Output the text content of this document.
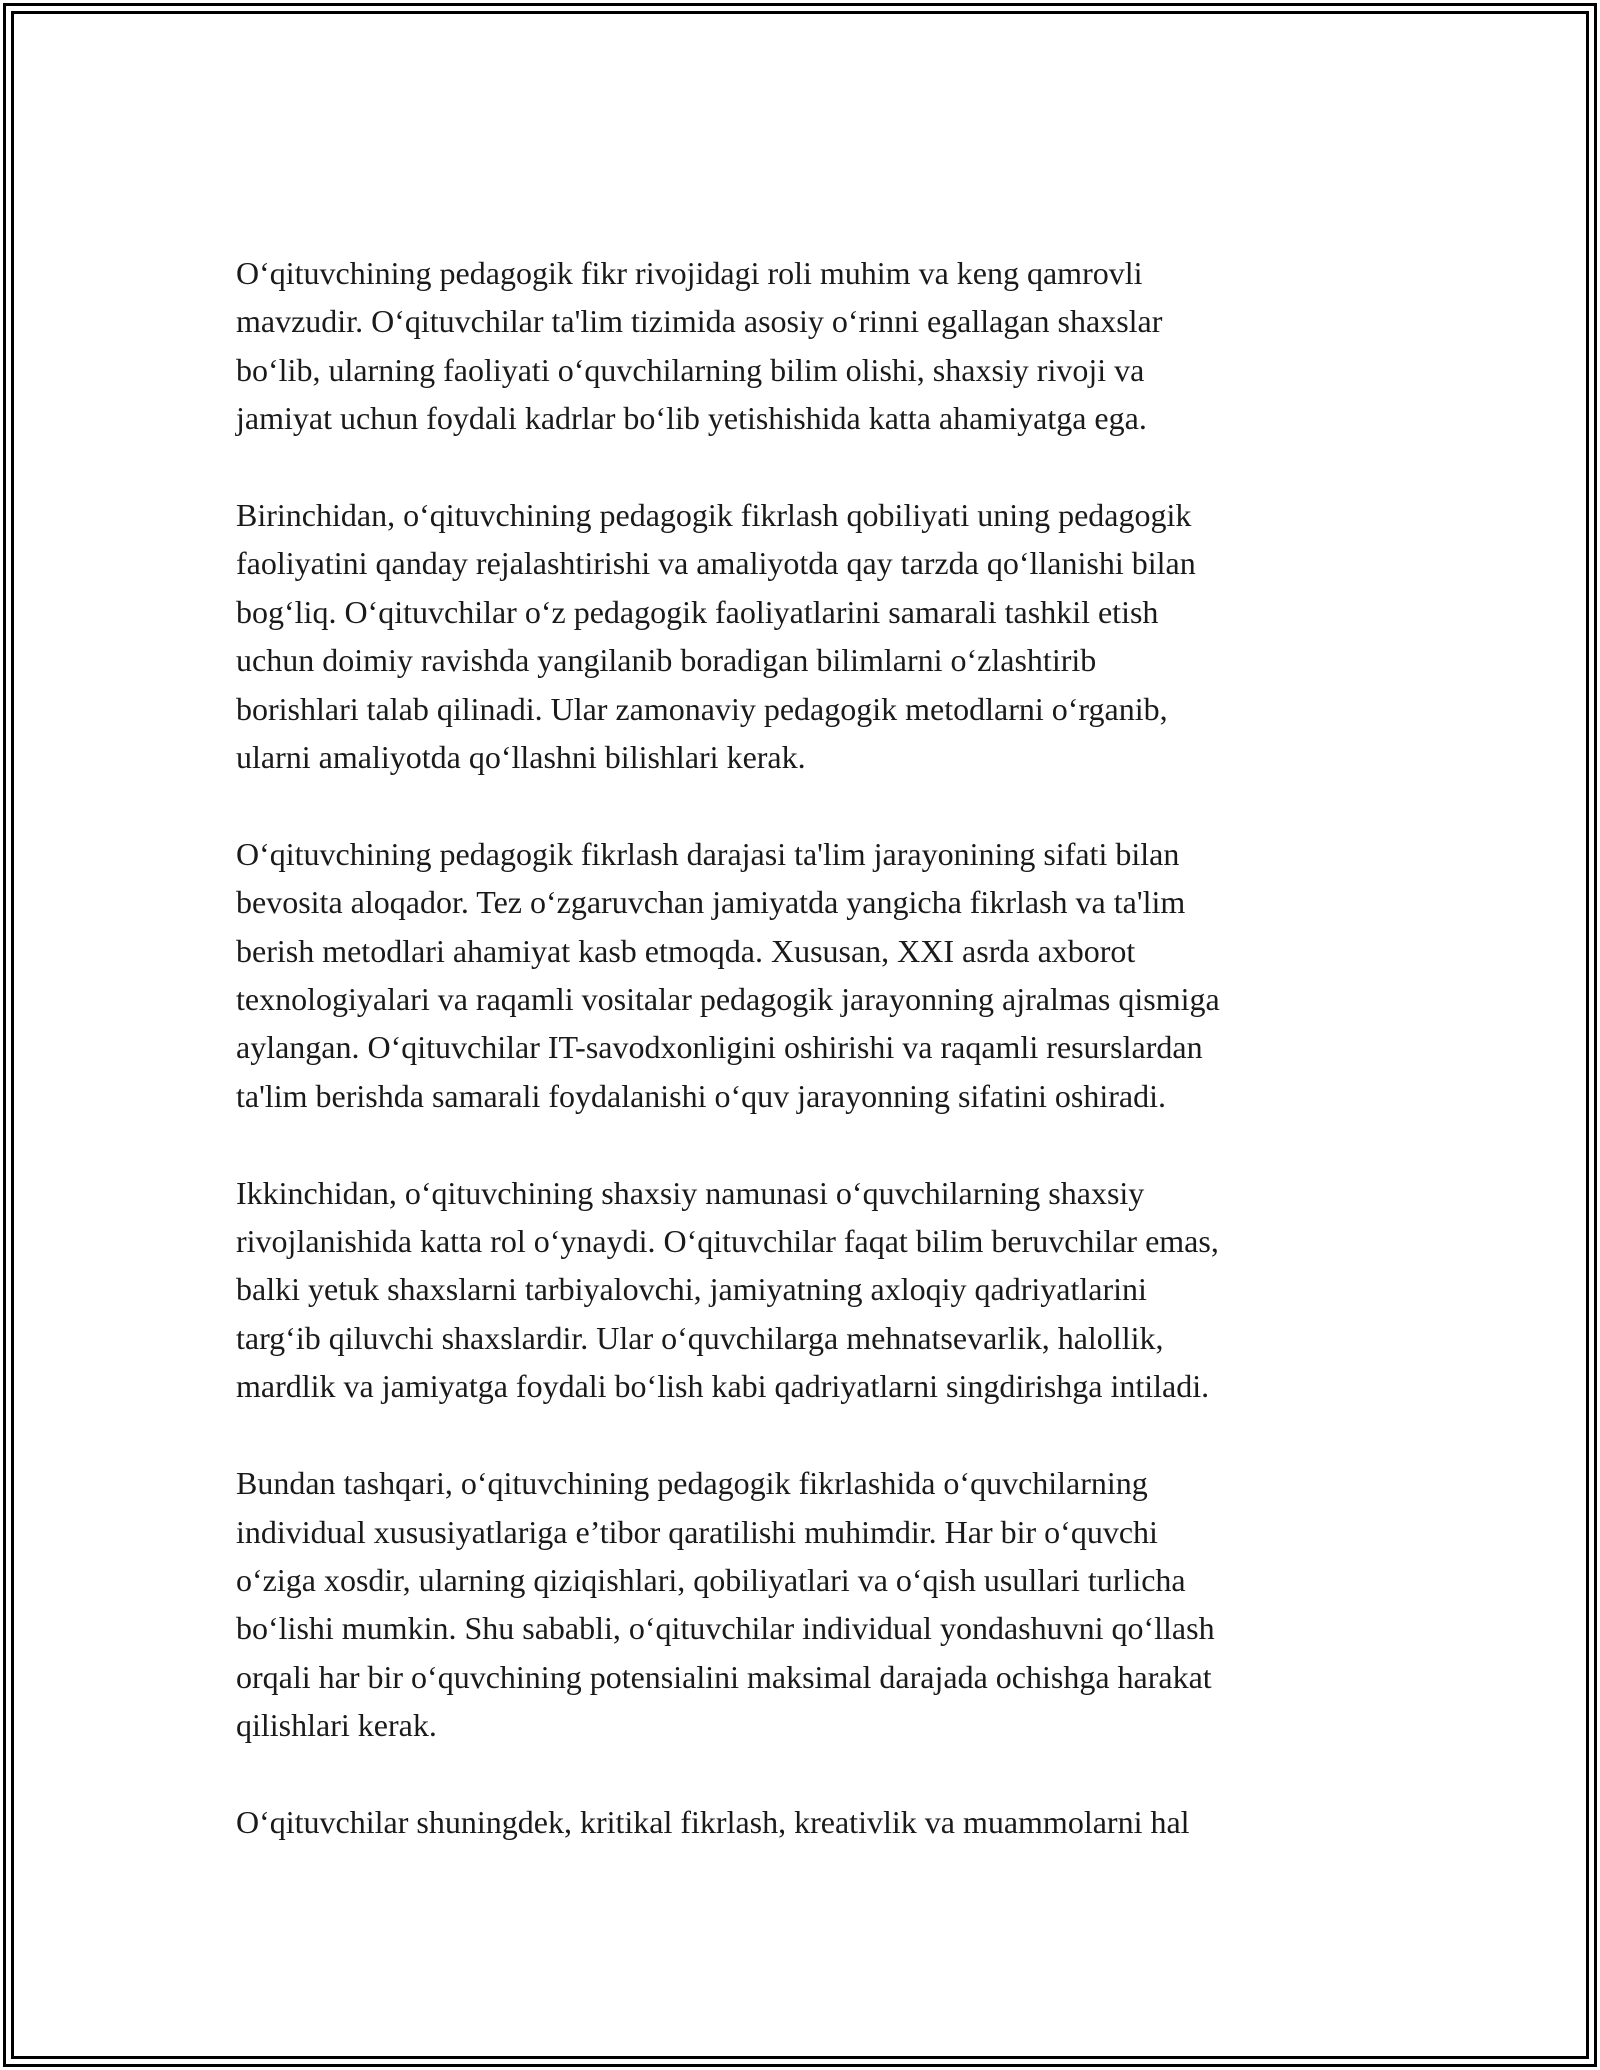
O‘qituvchining pedagogik fikr rivojidagi roli muhim va keng qamrovli
mavzudir. O‘qituvchilar ta'lim tizimida asosiy o‘rinni egallagan shaxslar
bo‘lib, ularning faoliyati o‘quvchilarning bilim olishi, shaxsiy rivoji va
jamiyat uchun foydali kadrlar bo‘lib yetishishida katta ahamiyatga ega.

Birinchidan, o‘qituvchining pedagogik fikrlash qobiliyati uning pedagogik
faoliyatini qanday rejalashtirishi va amaliyotda qay tarzda qo‘llanishi bilan
bog‘liq. O‘qituvchilar o‘z pedagogik faoliyatlarini samarali tashkil etish
uchun doimiy ravishda yangilanib boradigan bilimlarni o‘zlashtirib
borishlari talab qilinadi. Ular zamonaviy pedagogik metodlarni o‘rganib,
ularni amaliyotda qo‘llashni bilishlari kerak.

O‘qituvchining pedagogik fikrlash darajasi ta'lim jarayonining sifati bilan
bevosita aloqador. Tez o‘zgaruvchan jamiyatda yangicha fikrlash va ta'lim
berish metodlari ahamiyat kasb etmoqda. Xususan, XXI asrda axborot
texnologiyalari va raqamli vositalar pedagogik jarayonning ajralmas qismiga
aylangan. O‘qituvchilar IT-savodxonligini oshirishi va raqamli resurslardan
ta'lim berishda samarali foydalanishi o‘quv jarayonning sifatini oshiradi.

Ikkinchidan, o‘qituvchining shaxsiy namunasi o‘quvchilarning shaxsiy
rivojlanishida katta rol o‘ynaydi. O‘qituvchilar faqat bilim beruvchilar emas,
balki yetuk shaxslarni tarbiyalovchi, jamiyatning axloqiy qadriyatlarini
targ‘ib qiluvchi shaxslardir. Ular o‘quvchilarga mehnatsevarlik, halollik,
mardlik va jamiyatga foydali bo‘lish kabi qadriyatlarni singdirishga intiladi.

Bundan tashqari, o‘qituvchining pedagogik fikrlashida o‘quvchilarning
individual xususiyatlariga e’tibor qaratilishi muhimdir. Har bir o‘quvchi
o‘ziga xosdir, ularning qiziqishlari, qobiliyatlari va o‘qish usullari turlicha
bo‘lishi mumkin. Shu sababli, o‘qituvchilar individual yondashuvni qo‘llash
orqali har bir o‘quvchining potensialini maksimal darajada ochishga harakat
qilishlari kerak.

O‘qituvchilar shuningdek, kritikal fikrlash, kreativlik va muammolarni hal
